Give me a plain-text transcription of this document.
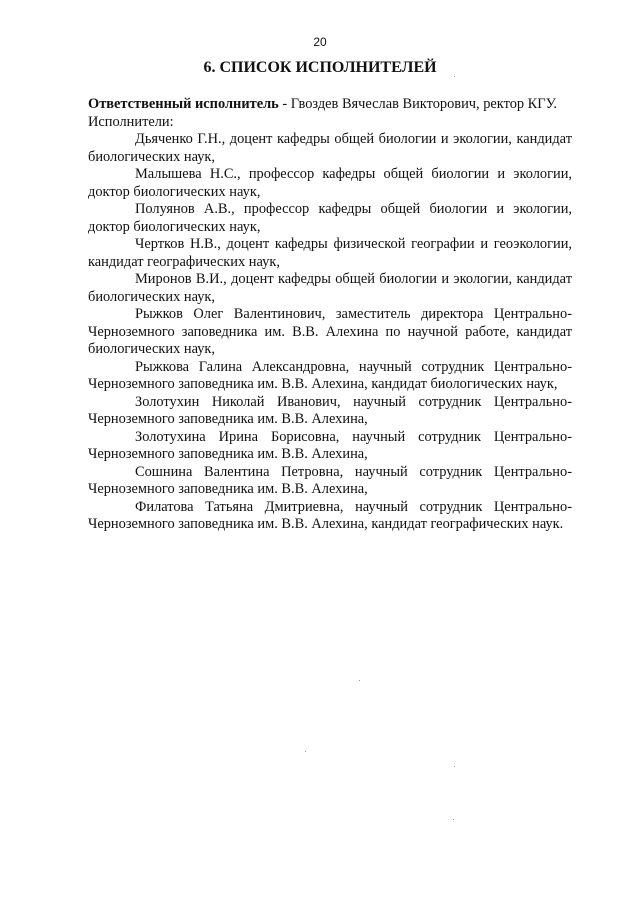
20
6. СПИСОК ИСПОЛНИТЕЛЕЙ

Ответственный исполнитель - Гвоздев Вячеслав Викторович, ректор КГУ.

Исполнители:

Дьяченко Г.Н., доцент кафедры общей биологии и экологии, кандидат биологических наук,

Малышева Н.С., профессор кафедры общей биологии и экологии, доктор биологических наук,

Полуянов А.В., профессор кафедры общей биологии и экологии, доктор биологических наук,

Чертков Н.В., доцент кафедры физической географии и геоэкологии, кандидат географических наук,

Миронов В.И., доцент кафедры общей биологии и экологии, кандидат биологических наук,

Рыжков Олег Валентинович, заместитель директора Центрально-Черноземного заповедника им. В.В. Алехина по научной работе, кандидат биологических наук,

Рыжкова Галина Александровна, научный сотрудник Центрально-Черноземного заповедника им. В.В. Алехина, кандидат биологических наук,

Золотухин Николай Иванович, научный сотрудник Центрально-Черноземного заповедника им. В.В. Алехина,

Золотухина Ирина Борисовна, научный сотрудник Центрально-Черноземного заповедника им. В.В. Алехина,

Сошнина Валентина Петровна, научный сотрудник Центрально-Черноземного заповедника им. В.В. Алехина,

Филатова Татьяна Дмитриевна, научный сотрудник Центрально-Черноземного заповедника им. В.В. Алехина, кандидат географических наук.
